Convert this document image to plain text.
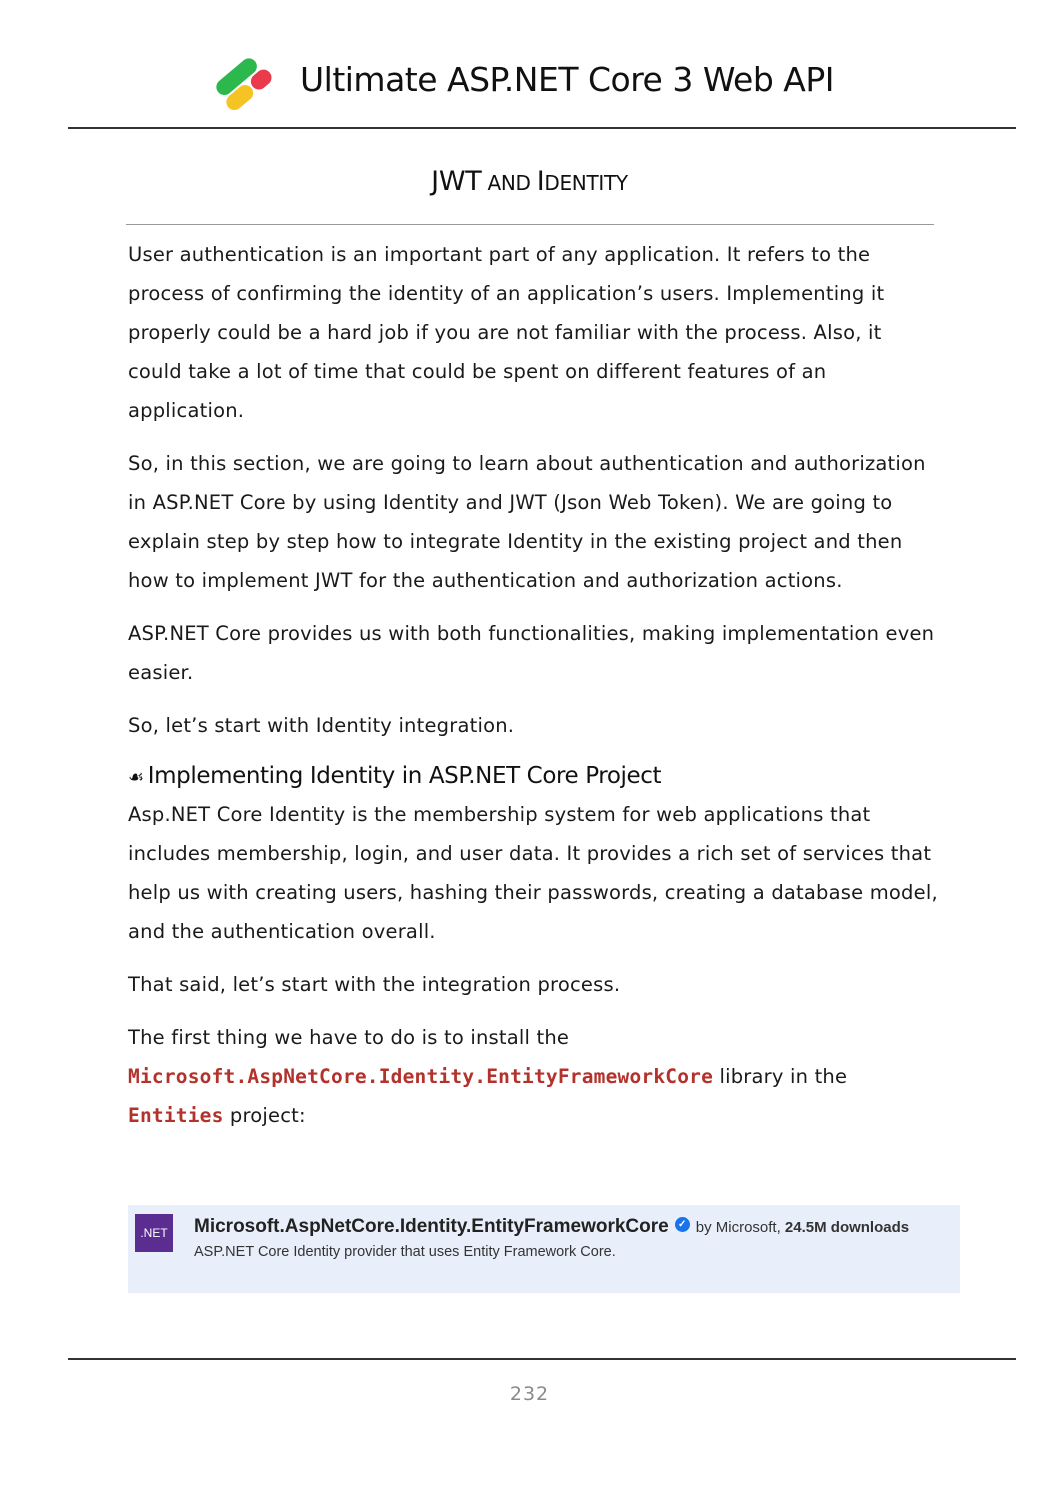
Ultimate ASP.NET Core 3 Web API
JWT AND IDENTITY

User authentication is an important part of any application. It refers to the process of confirming the identity of an application’s users. Implementing it properly could be a hard job if you are not familiar with the process. Also, it could take a lot of time that could be spent on different features of an application.

So, in this section, we are going to learn about authentication and authorization in ASP.NET Core by using Identity and JWT (Json Web Token). We are going to explain step by step how to integrate Identity in the existing project and then how to implement JWT for the authentication and authorization actions.

ASP.NET Core provides us with both functionalities, making implementation even easier.

So, let’s start with Identity integration.

☙ Implementing Identity in ASP.NET Core Project

Asp.NET Core Identity is the membership system for web applications that includes membership, login, and user data. It provides a rich set of services that help us with creating users, hashing their passwords, creating a database model, and the authentication overall.

That said, let’s start with the integration process.

The first thing we have to do is to install the Microsoft.AspNetCore.Identity.EntityFrameworkCore library in the Entities project:

.NET Microsoft.AspNetCore.Identity.EntityFrameworkCore ✓ by Microsoft, 24.5M downloads
ASP.NET Core Identity provider that uses Entity Framework Core.
232
